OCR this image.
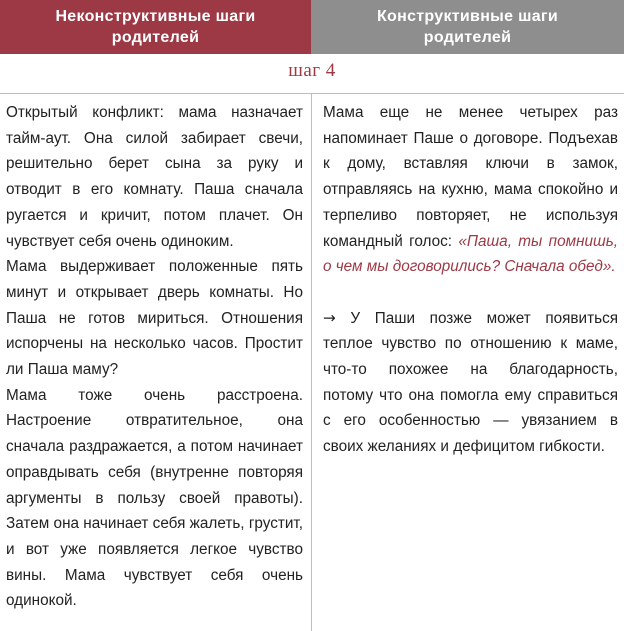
Неконструктивные шаги родителей
Конструктивные шаги родителей
шаг 4

Открытый конфликт: мама назначает тайм-аут. Она силой забирает свечи, решительно берет сына за руку и отводит в его комнату. Паша сначала ругается и кричит, потом плачет. Он чувствует себя очень одиноким.

Мама выдерживает положенные пять минут и открывает дверь комнаты. Но Паша не готов мириться. Отношения испорчены на несколько часов. Простит ли Паша маму?

Мама тоже очень расстроена. Настроение отвратительное, она сначала раздражается, а потом начинает оправдывать себя (внутренне повторяя аргументы в пользу своей правоты). Затем она начинает себя жалеть, грустит, и вот уже появляется легкое чувство вины. Мама чувствует себя очень одинокой.

Мама еще не менее четырех раз напоминает Паше о договоре. Подъехав к дому, вставляя ключи в замок, отправляясь на кухню, мама спокойно и терпеливо повторяет, не используя командный голос: «Паша, ты помнишь, о чем мы договорились? Сначала обед».

→ У Паши позже может появиться теплое чувство по отношению к маме, что-то похожее на благодарность, потому что она помогла ему справиться с его особенностью — увязанием в своих желаниях и дефицитом гибкости.
